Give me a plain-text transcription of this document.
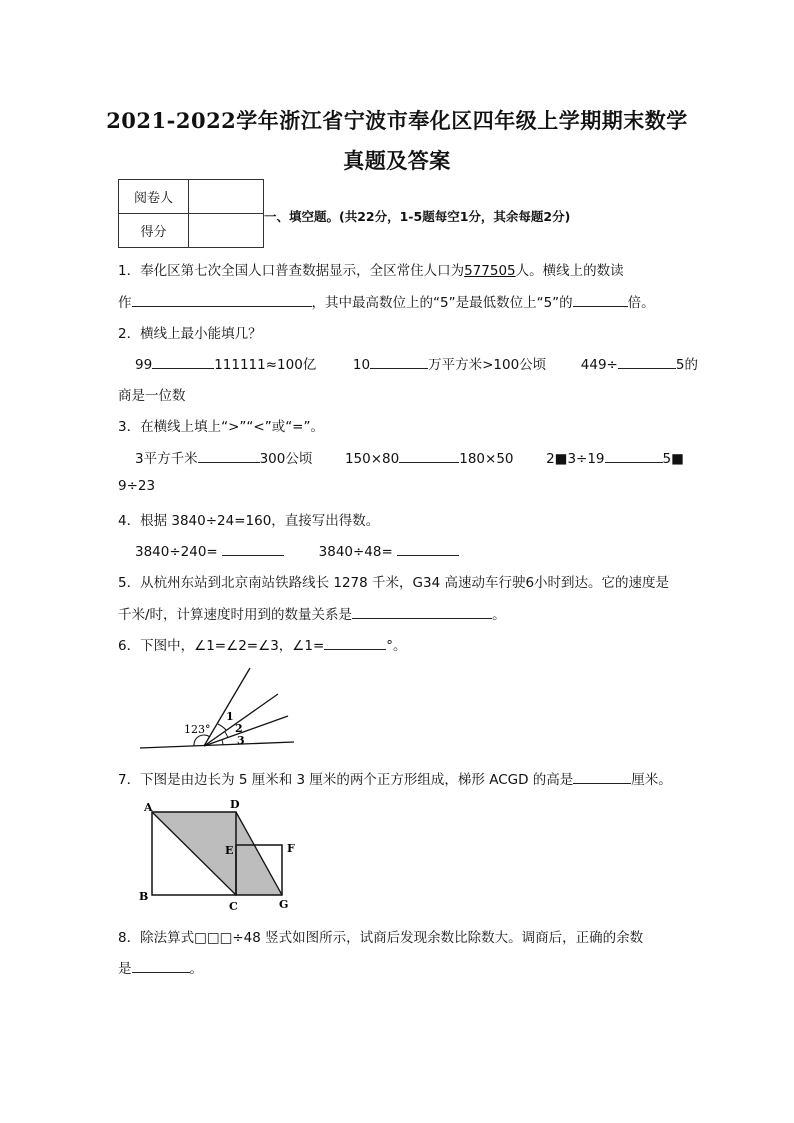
2021-2022学年浙江省宁波市奉化区四年级上学期期末数学
真题及答案
阅卷人	
得分	
一、填空题。(共22分，1-5题每空1分，其余每题2分)
1．奉化区第七次全国人口普查数据显示，全区常住人口为577505人。横线上的数读
作	，其中最高数位上的“5”是最低数位上“5”的	倍。
2．横线上最小能填几？
99	111111≈100亿	10	万平方米>100公顷	449÷	5的
商是一位数
3．在横线上填上“>”“<”或“=”。
3平方千米	300公顷 150×80	180×50 2■3÷19	5■
9÷23
4．根据 3840÷24=160，直接写出得数。
3840÷240=	3840÷48=
5．从杭州东站到北京南站铁路线长 1278 千米，G34 高速动车行驶6小时到达。它的速度是
千米/时，计算速度时用到的数量关系是	。
6．下图中，∠1=∠2=∠3，∠1=	°。
123°
1
2
3
7．下图是由边长为 5 厘米和 3 厘米的两个正方形组成，梯形 ACGD 的高是	厘米。
A
B
C
D
E	F
G
8．除法算式□□□÷48 竖式如图所示，试商后发现余数比除数大。调商后，正确的余数
是	。
